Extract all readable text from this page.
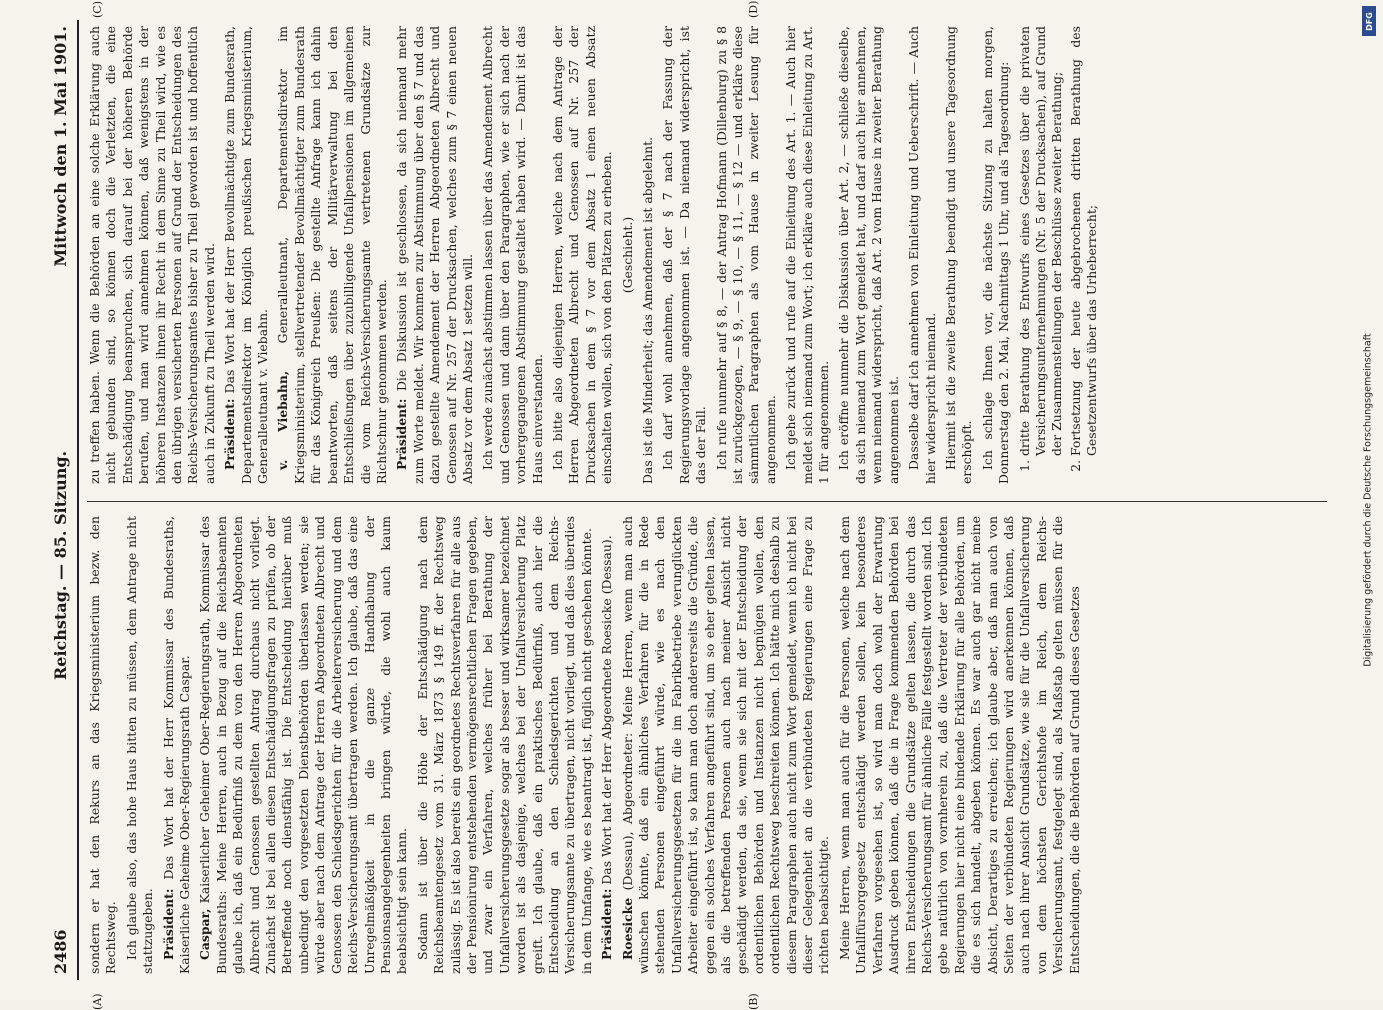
2486
Reichstag. — 85. Sitzung.
Mittwoch den 1. Mai 1901.

sondern er hat den Rekurs an das Kriegsministerium bezw. den Rechtsweg. Ich glaube also, das hohe Haus bitten zu müssen, dem Antrage nicht stattzugeben. Präsident: Das Wort hat der Herr Kommissar des Bundesraths, Kaiserliche Geheime Ober-Regierungsrath Caspar. Caspar, Kaiserlicher Geheimer Ober-Regierungsrath, Kommissar des Bundesraths: Meine Herren, auch in Bezug auf die Reichsbeamten glaube ich, daß ein Bedürfniß zu dem von den Herren Abgeordneten Albrecht und Genossen gestellten Antrag durchaus nicht vorliegt. Zunächst ist bei allen diesen Entschädigungsfragen zu prüfen, ob der Betreffende noch dienstfähig ist. Die Entscheidung hierüber muß unbedingt den vorgesetzten Dienstbehörden überlassen werden; sie würde aber nach dem Antrage der Herren Abgeordneten Albrecht und Genossen den Schiedsgerichten für die Arbeiterversicherung und dem Reichs-Versicherungsamt übertragen werden. Ich glaube, daß das eine Unregelmäßigkeit in die ganze Handhabung der Pensionsangelegenheiten bringen würde, die wohl auch kaum beabsichtigt sein kann. Sodann ist über die Höhe der Entschädigung nach dem Reichsbeamtengesetz vom 31. März 1873 § 149 ff. der Rechtsweg zulässig. Es ist also bereits ein geordnetes Rechtsverfahren für alle aus der Pensionirung entstehenden vermögensrechtlichen Fragen gegeben, und zwar ein Verfahren, welches früher bei Berathung der Unfallversicherungsgesetze sogar als besser und wirksamer bezeichnet worden ist als dasjenige, welches bei der Unfallversicherung Platz greift. Ich glaube, daß ein praktisches Bedürfniß, auch hier die Entscheidung an den Schiedsgerichten und dem Reichs-Versicherungsamte zu übertragen, nicht vorliegt, und daß dies überdies in dem Umfange, wie es beantragt ist, füglich nicht geschehen könnte. Präsident: Das Wort hat der Herr Abgeordnete Roesicke (Dessau).

Roesicke (Dessau), Abgeordneter: Meine Herren, wenn man auch wünschen könnte, daß ein ähnliches Verfahren für die in Rede stehenden Personen eingeführt würde, wie es nach den Unfallversicherungsgesetzen für die im Fabrikbetriebe verunglückten Arbeiter eingeführt ist, so kann man doch andererseits die Gründe, die gegen ein solches Verfahren angeführt sind, um so eher gelten lassen, als die betreffenden Personen auch nach meiner Ansicht nicht geschädigt werden, da sie, wenn sie sich mit der Entscheidung der ordentlichen Behörden und Instanzen nicht begnügen wollen, den ordentlichen Rechtsweg beschreiten können. Ich hätte mich deshalb zu diesem Paragraphen auch nicht zum Wort gemeldet, wenn ich nicht bei dieser Gelegenheit an die verbündeten Regierungen eine Frage zu richten beabsichtigte. Meine Herren, wenn man auch für die Personen, welche nach dem Unfallfürsorgegesetz entschädigt werden sollen, kein besonderes Verfahren vorgesehen ist, so wird man doch wohl der Erwartung Ausdruck geben können, daß die in Frage kommenden Behörden bei ihren Entscheidungen die Grundsätze gelten lassen, die durch das Reichs-Versicherungsamt für ähnliche Fälle festgestellt worden sind. Ich gebe natürlich von vornherein zu, daß die Vertreter der verbündeten Regierungen hier nicht eine bindende Erklärung für alle Behörden, um die es sich handelt, abgeben können. Es war auch gar nicht meine Absicht, Derartiges zu erreichen; ich glaube aber, daß man auch von Seiten der verbündeten Regierungen wird anerkennen können, daß auch nach ihrer Ansicht Grundsätze, wie sie für die Unfallversicherung von dem höchsten Gerichtshofe im Reich, dem Reichs-Versicherungsamt, festgelegt sind, als Maßstab gelten müssen für die Entscheidungen, die die Behörden auf Grund dieses Gesetzes

zu treffen haben. Wenn die Behörden an eine solche Erklärung auch nicht gebunden sind, so können doch die Verletzten, die eine Entschädigung beanspruchen, sich darauf bei der höheren Behörde berufen, und man wird annehmen können, daß wenigstens in der höheren Instanzen ihnen ihr Recht in dem Sinne zu Theil wird, wie es den übrigen versicherten Personen auf Grund der Entscheidungen des Reichs-Versicherungsamtes bisher zu Theil geworden ist und hoffentlich auch in Zukunft zu Theil werden wird. Präsident: Das Wort hat der Herr Bevollmächtigte zum Bundesrath, Departementsdirektor im Königlich preußischen Kriegsministerium, Generalleutnant v. Viebahn. v. Viebahn, Generalleutnant, Departementsdirektor im Kriegsministerium, stellvertretender Bevollmächtigter zum Bundesrath für das Königreich Preußen: Die gestellte Anfrage kann ich dahin beantworten, daß seitens der Militärverwaltung bei den Entschließungen über zuzubilligende Unfallpensionen im allgemeinen die vom Reichs-Versicherungsamte vertretenen Grundsätze zur Richtschnur genommen werden. Präsident: Die Diskussion ist geschlossen, da sich niemand mehr zum Worte meldet. Wir kommen zur Abstimmung über den § 7 und das dazu gestellte Amendement der Herren Abgeordneten Albrecht und Genossen auf Nr. 257 der Drucksachen, welches zum § 7 einen neuen Absatz vor dem Absatz 1 setzen will. Ich werde zunächst abstimmen lassen über das Amendement Albrecht und Genossen und dann über den Paragraphen, wie er sich nach der vorhergegangenen Abstimmung gestaltet haben wird. — Damit ist das Haus einverstanden. Ich bitte also diejenigen Herren, welche nach dem Antrage der Herren Abgeordneten Albrecht und Genossen auf Nr. 257 der Drucksachen in dem § 7 vor dem Absatz 1 einen neuen Absatz einschalten wollen, sich von den Plätzen zu erheben. (Geschieht.) Das ist die Minderheit; das Amendement ist abgelehnt. Ich darf wohl annehmen, daß der § 7 nach der Fassung der Regierungsvorlage angenommen ist. — Da niemand widerspricht, ist das der Fall. Ich rufe nunmehr auf § 8, — der Antrag Hofmann (Dillenburg) zu § 8 ist zurückgezogen, — § 9, — § 10, — § 11, — § 12 — und erkläre diese sämmtlichen Paragraphen als vom Hause in zweiter Lesung für angenommen. Ich gehe zurück und rufe auf die Einleitung des Art. 1. — Auch hier meldet sich niemand zum Wort; ich erkläre auch diese Einleitung zu Art. 1 für angenommen. Ich eröffne nunmehr die Diskussion über Art. 2, — schließe dieselbe, da sich niemand zum Wort gemeldet hat, und darf auch hier annehmen, wenn niemand widerspricht, daß Art. 2 vom Hause in zweiter Berathung angenommen ist. Dasselbe darf ich annehmen von Einleitung und Ueberschrift. — Auch hier widerspricht niemand. Hiermit ist die zweite Berathung beendigt und unsere Tagesordnung erschöpft. Ich schlage Ihnen vor, die nächste Sitzung zu halten morgen, Donnerstag den 2. Mai, Nachmittags 1 Uhr, und als Tagesordnung: 1. dritte Berathung des Entwurfs eines Gesetzes über die privaten Versicherungsunternehmungen (Nr. 5 der Drucksachen), auf Grund der Zusammenstellungen der Beschlüsse zweiter Berathung; 2. Fortsetzung der heute abgebrochenen dritten Berathung des Gesetzentwurfs über das Urheberrecht;
(A)	(B)
(C)	(D)
DFG
Digitalisierung gefördert durch die Deutsche Forschungsgemeinschaft
